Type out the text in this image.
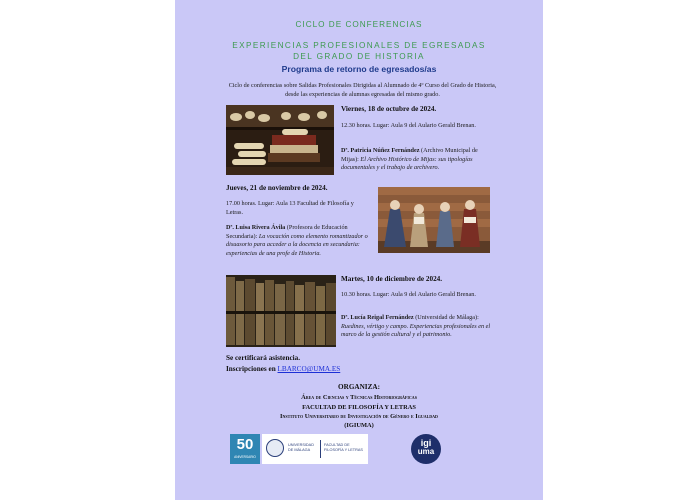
CICLO DE CONFERENCIAS
EXPERIENCIAS PROFESIONALES DE EGRESADAS
DEL GRADO DE HISTORIA
Programa de retorno de egresados/as
Ciclo de conferencias sobre Salidas Profesionales Dirigidas al Alumnado de 4º Curso del Grado de Historia, desde las experiencias de alumnas egresadas del mismo grado.
Viernes, 18 de octubre de 2024.
12.30 horas. Lugar: Aula 9 del Aulario Gerald Brenan.
Dª. Patricia Núñez Fernández (Archivo Municipal de Mijas): El Archivo Histórico de Mijas: sus tipologías documentales y el trabajo de archivero.
Jueves, 21 de noviembre de 2024.
17.00 horas. Lugar: Aula 13 Facultad de Filosofía y Letras.
Dª. Luisa Rivera Ávila (Profesora de Educación Secundaria): La vocación como elemento romantizador o disuasorio para acceder a la docencia en secundaria: experiencias de una profe de Historia.
Martes, 10 de diciembre de 2024.
10.30 horas. Lugar: Aula 9 del Aulario Gerald Brenan.
Dª. Lucía Reigal Fernández (Universidad de Málaga): Ruedines, vértigo y campo. Experiencias profesionales en el marco de la gestión cultural y el patrimonio.
Se certificará asistencia.
Inscripciones en LBARCO@UMA.ES
ORGANIZA:
Área de Ciencias y Técnicas Historiográficas
FACULTAD DE FILOSOFÍA Y LETRAS
Instituto Universitario de Investigación de Género e Igualdad
(IGIUMA)
50
ANIVERSARIO
UNIVERSIDAD
DE MÁLAGA
FACULTAD DE
FILOSOFÍA Y LETRAS
igi
uma
